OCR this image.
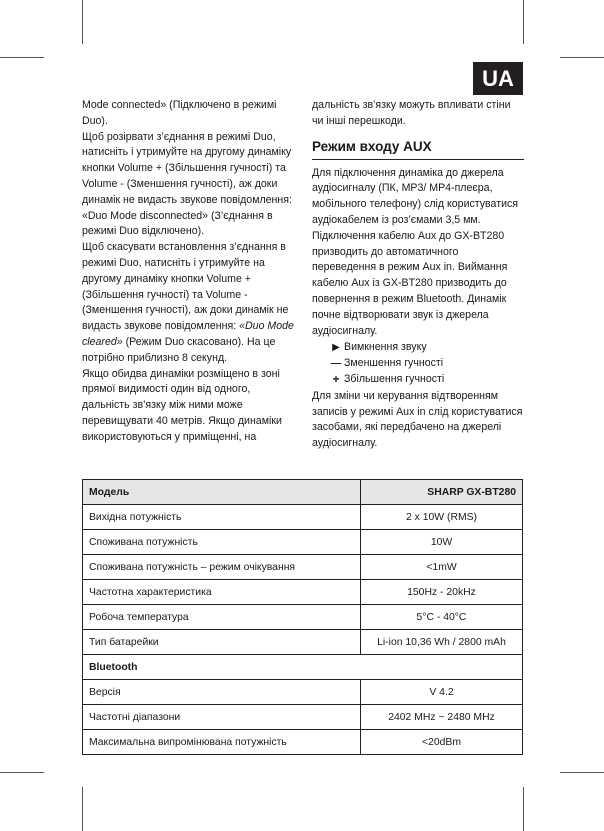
UA

Mode connected» (Підключено в режимі Duo).

Щоб розірвати з’єднання в режимі Duo, натисніть і утримуйте на другому динаміку кнопки Volume + (Збільшення гучності) та Volume - (Зменшення гучності), аж доки динамік не видасть звукове повідомлення: «Duo Mode disconnected» (З’єднання в режимі Duo відключено).

Щоб скасувати встановлення з’єднання в режимі Duo, натисніть і утримуйте на другому динаміку кнопки Volume + (Збільшення гучності) та Volume - (Зменшення гучності), аж доки динамік не видасть звукове повідомлення: «Duo Mode cleared» (Режим Duo скасовано). На це потрібно приблизно 8 секунд.

Якщо обидва динаміки розміщено в зоні прямої видимості один від одного, дальність зв’язку між ними може перевищувати 40 метрів. Якщо динаміки використовуються у приміщенні, на

дальність зв’язку можуть впливати стіни чи інші перешкоди.

Режим входу AUX

Для підключення динаміка до джерела аудіосигналу (ПК, MP3/ MP4-плеєра, мобільного телефону) слід користуватися аудіокабелем із роз’ємами 3,5 мм.

Підключення кабелю Aux до GX-BT280 призводить до автоматичного переведення в режим Aux in. Виймання кабелю Aux із GX-BT280 призводить до повернення в режим Bluetooth. Динамік почне відтворювати звук із джерела аудіосигналу.

▶ Вимкнення звуку
— Зменшення гучності
+ Збільшення гучності

Для зміни чи керування відтворенням записів у режимі Aux in слід користуватися засобами, які передбачено на джерелі аудіосигналу.

Модель	SHARP GX-BT280
Вихідна потужність	2 x 10W (RMS)
Споживана потужність	10W
Споживана потужність – режим очікування	<1mW
Частотна характеристика	150Hz - 20kHz
Робоча температура	5°C - 40°C
Тип батарейки	Li-ion 10,36 Wh / 2800 mAh
Bluetooth	
Версія	V 4.2
Частотні діапазони	2402 MHz ~ 2480 MHz
Максимальна випромінювана потужність	<20dBm
